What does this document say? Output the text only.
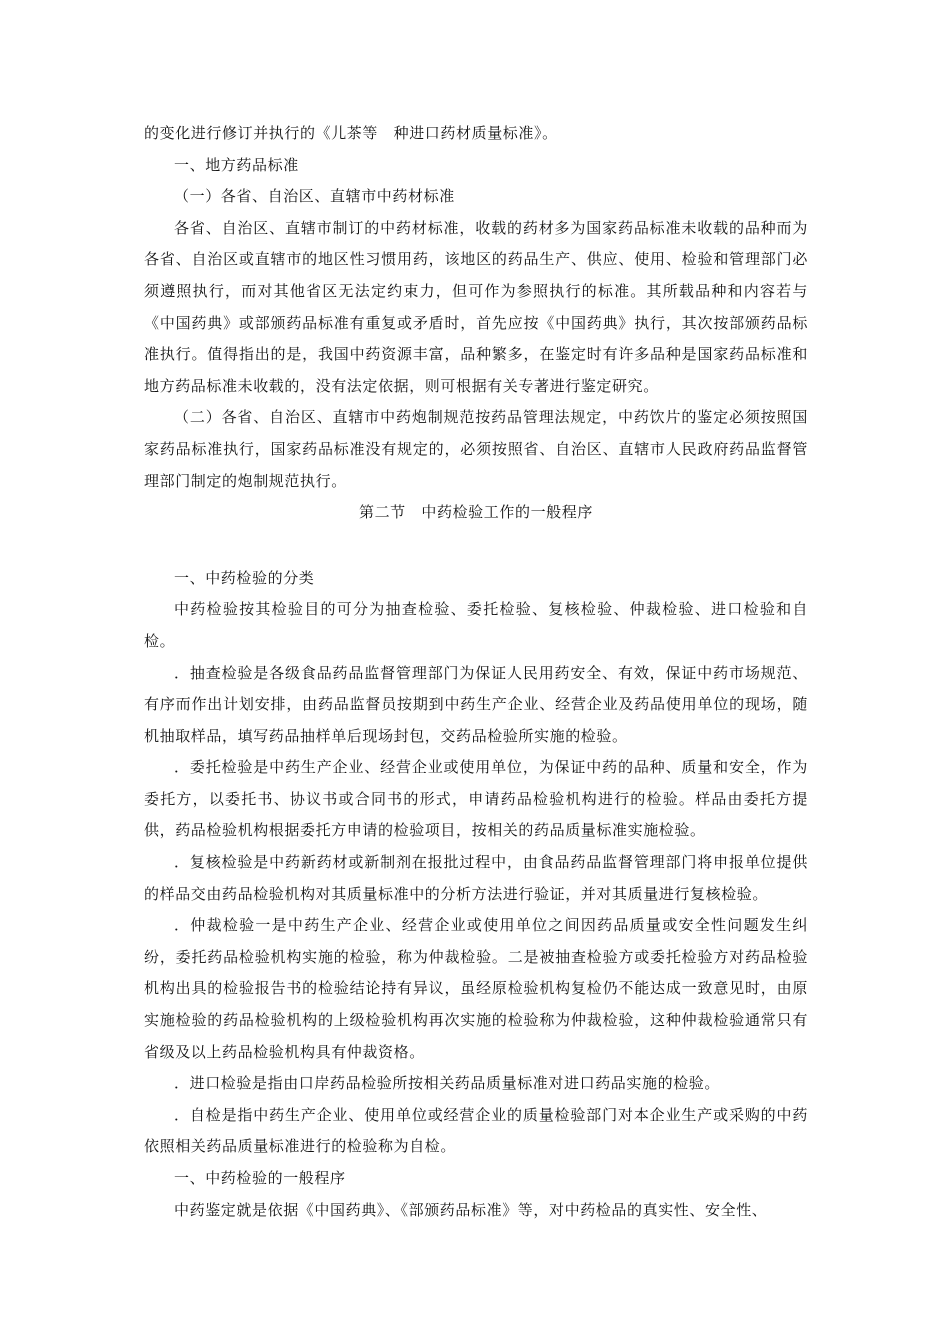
的变化进行修订并执行的《儿茶等　种进口药材质量标准》。

一、地方药品标准

（一）各省、自治区、直辖市中药材标准

各省、自治区、直辖市制订的中药材标准，收载的药材多为国家药品标准未收载的品种而为各省、自治区或直辖市的地区性习惯用药，该地区的药品生产、供应、使用、检验和管理部门必须遵照执行，而对其他省区无法定约束力，但可作为参照执行的标准。其所载品种和内容若与《中国药典》或部颁药品标准有重复或矛盾时，首先应按《中国药典》执行，其次按部颁药品标准执行。值得指出的是，我国中药资源丰富，品种繁多，在鉴定时有许多品种是国家药品标准和地方药品标准未收载的，没有法定依据，则可根据有关专著进行鉴定研究。

（二）各省、自治区、直辖市中药炮制规范按药品管理法规定，中药饮片的鉴定必须按照国家药品标准执行，国家药品标准没有规定的，必须按照省、自治区、直辖市人民政府药品监督管理部门制定的炮制规范执行。

第二节　中药检验工作的一般程序

一、中药检验的分类

中药检验按其检验目的可分为抽查检验、委托检验、复核检验、仲裁检验、进口检验和自检。

．抽查检验是各级食品药品监督管理部门为保证人民用药安全、有效，保证中药市场规范、有序而作出计划安排，由药品监督员按期到中药生产企业、经营企业及药品使用单位的现场，随机抽取样品，填写药品抽样单后现场封包，交药品检验所实施的检验。

．委托检验是中药生产企业、经营企业或使用单位，为保证中药的品种、质量和安全，作为委托方，以委托书、协议书或合同书的形式，申请药品检验机构进行的检验。样品由委托方提供，药品检验机构根据委托方申请的检验项目，按相关的药品质量标准实施检验。

．复核检验是中药新药材或新制剂在报批过程中，由食品药品监督管理部门将申报单位提供的样品交由药品检验机构对其质量标准中的分析方法进行验证，并对其质量进行复核检验。

．仲裁检验一是中药生产企业、经营企业或使用单位之间因药品质量或安全性问题发生纠纷，委托药品检验机构实施的检验，称为仲裁检验。二是被抽查检验方或委托检验方对药品检验机构出具的检验报告书的检验结论持有异议，虽经原检验机构复检仍不能达成一致意见时，由原实施检验的药品检验机构的上级检验机构再次实施的检验称为仲裁检验，这种仲裁检验通常只有省级及以上药品检验机构具有仲裁资格。

．进口检验是指由口岸药品检验所按相关药品质量标准对进口药品实施的检验。

．自检是指中药生产企业、使用单位或经营企业的质量检验部门对本企业生产或采购的中药依照相关药品质量标准进行的检验称为自检。

一、中药检验的一般程序

中药鉴定就是依据《中国药典》、《部颁药品标准》等，对中药检品的真实性、安全性、
